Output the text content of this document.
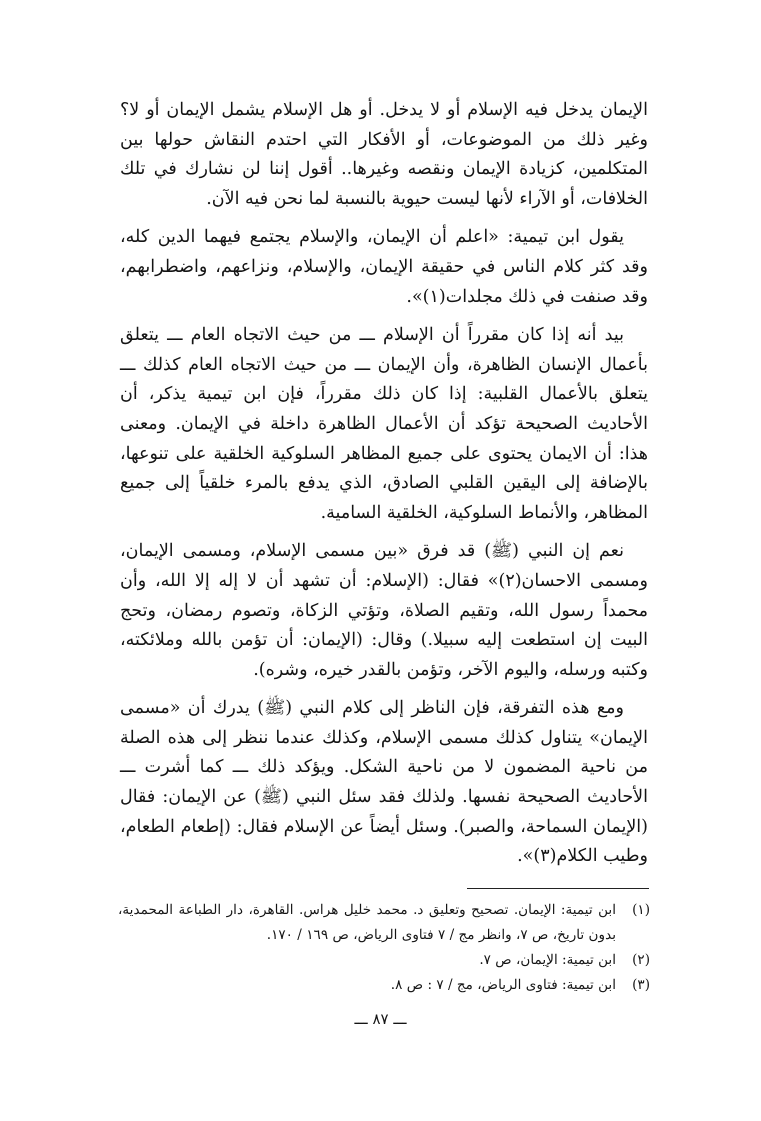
الإيمان يدخل فيه الإسلام أو لا يدخل. أو هل الإسلام يشمل الإيمان أو لا؟ وغير ذلك من الموضوعات، أو الأفكار التي احتدم النقاش حولها بين المتكلمين، كزيادة الإيمان ونقصه وغيرها.. أقول إننا لن نشارك في تلك الخلافات، أو الآراء لأنها ليست حيوية بالنسبة لما نحن فيه الآن.

يقول ابن تيمية: «اعلم أن الإيمان، والإسلام يجتمع فيهما الدين كله، وقد كثر كلام الناس في حقيقة الإيمان، والإسلام، ونزاعهم، واضطرابهم، وقد صنفت في ذلك مجلدات(١)».

بيد أنه إذا كان مقرراً أن الإسلام ـــ من حيث الاتجاه العام ـــ يتعلق بأعمال الإنسان الظاهرة، وأن الإيمان ـــ من حيث الاتجاه العام كذلك ـــ يتعلق بالأعمال القلبية: إذا كان ذلك مقرراً، فإن ابن تيمية يذكر، أن الأحاديث الصحيحة تؤكد أن الأعمال الظاهرة داخلة في الإيمان. ومعنى هذا: أن الايمان يحتوى على جميع المظاهر السلوكية الخلقية على تنوعها، بالإضافة إلى اليقين القلبي الصادق، الذي يدفع بالمرء خلقياً إلى جميع المظاهر، والأنماط السلوكية، الخلقية السامية.

نعم إن النبي (ﷺ) قد فرق «بين مسمى الإسلام، ومسمى الإيمان، ومسمى الاحسان(٢)» فقال: (الإسلام: أن تشهد أن لا إله إلا الله، وأن محمداً رسول الله، وتقيم الصلاة، وتؤتي الزكاة، وتصوم رمضان، وتحج البيت إن استطعت إليه سبيلا.) وقال: (الإيمان: أن تؤمن بالله وملائكته، وكتبه ورسله، واليوم الآخر، وتؤمن بالقدر خيره، وشره).

ومع هذه التفرقة، فإن الناظر إلى كلام النبي (ﷺ) يدرك أن «مسمى الإيمان» يتناول كذلك مسمى الإسلام، وكذلك عندما ننظر إلى هذه الصلة من ناحية المضمون لا من ناحية الشكل. ويؤكد ذلك ـــ كما أشرت ـــ الأحاديث الصحيحة نفسها. ولذلك فقد سئل النبي (ﷺ) عن الإيمان: فقال (الإيمان السماحة، والصبر). وسئل أيضاً عن الإسلام فقال: (إطعام الطعام، وطيب الكلام(٣)».

(١)
ابن تيمية: الإيمان. تصحيح وتعليق د. محمد خليل هراس. القاهرة، دار الطباعة المحمدية، بدون تاريخ، ص ٧، وانظر مج / ٧ فتاوى الرياض، ص ١٦٩ / ١٧٠.
(٢)
ابن تيمية: الإيمان، ص ٧.
(٣)
ابن تيمية: فتاوى الرياض، مج / ٧ : ص ٨.
ـــ ٨٧ ـــ
